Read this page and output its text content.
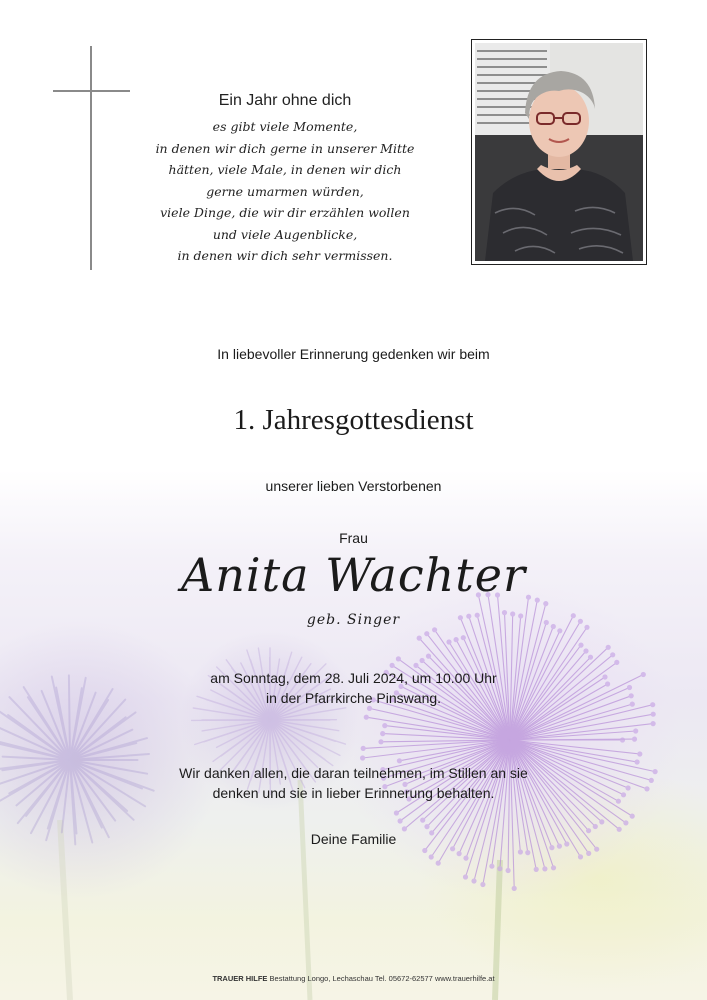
Ein Jahr ohne dich
es gibt viele Momente,
in denen wir dich gerne in unserer Mitte
hätten, viele Male, in denen wir dich
gerne umarmen würden,
viele Dinge, die wir dir erzählen wollen
und viele Augenblicke,
in denen wir dich sehr vermissen.
In liebevoller Erinnerung gedenken wir beim
1. Jahresgottesdienst
unserer lieben Verstorbenen
Frau
Anita Wachter
geb. Singer
am Sonntag, dem 28. Juli 2024, um 10.00 Uhr
in der Pfarrkirche Pinswang.
Wir danken allen, die daran teilnehmen, im Stillen an sie
denken und sie in lieber Erinnerung behalten.
Deine Familie
TRAUER HILFE Bestattung Longo, Lechaschau Tel. 05672-62577 www.trauerhilfe.at
